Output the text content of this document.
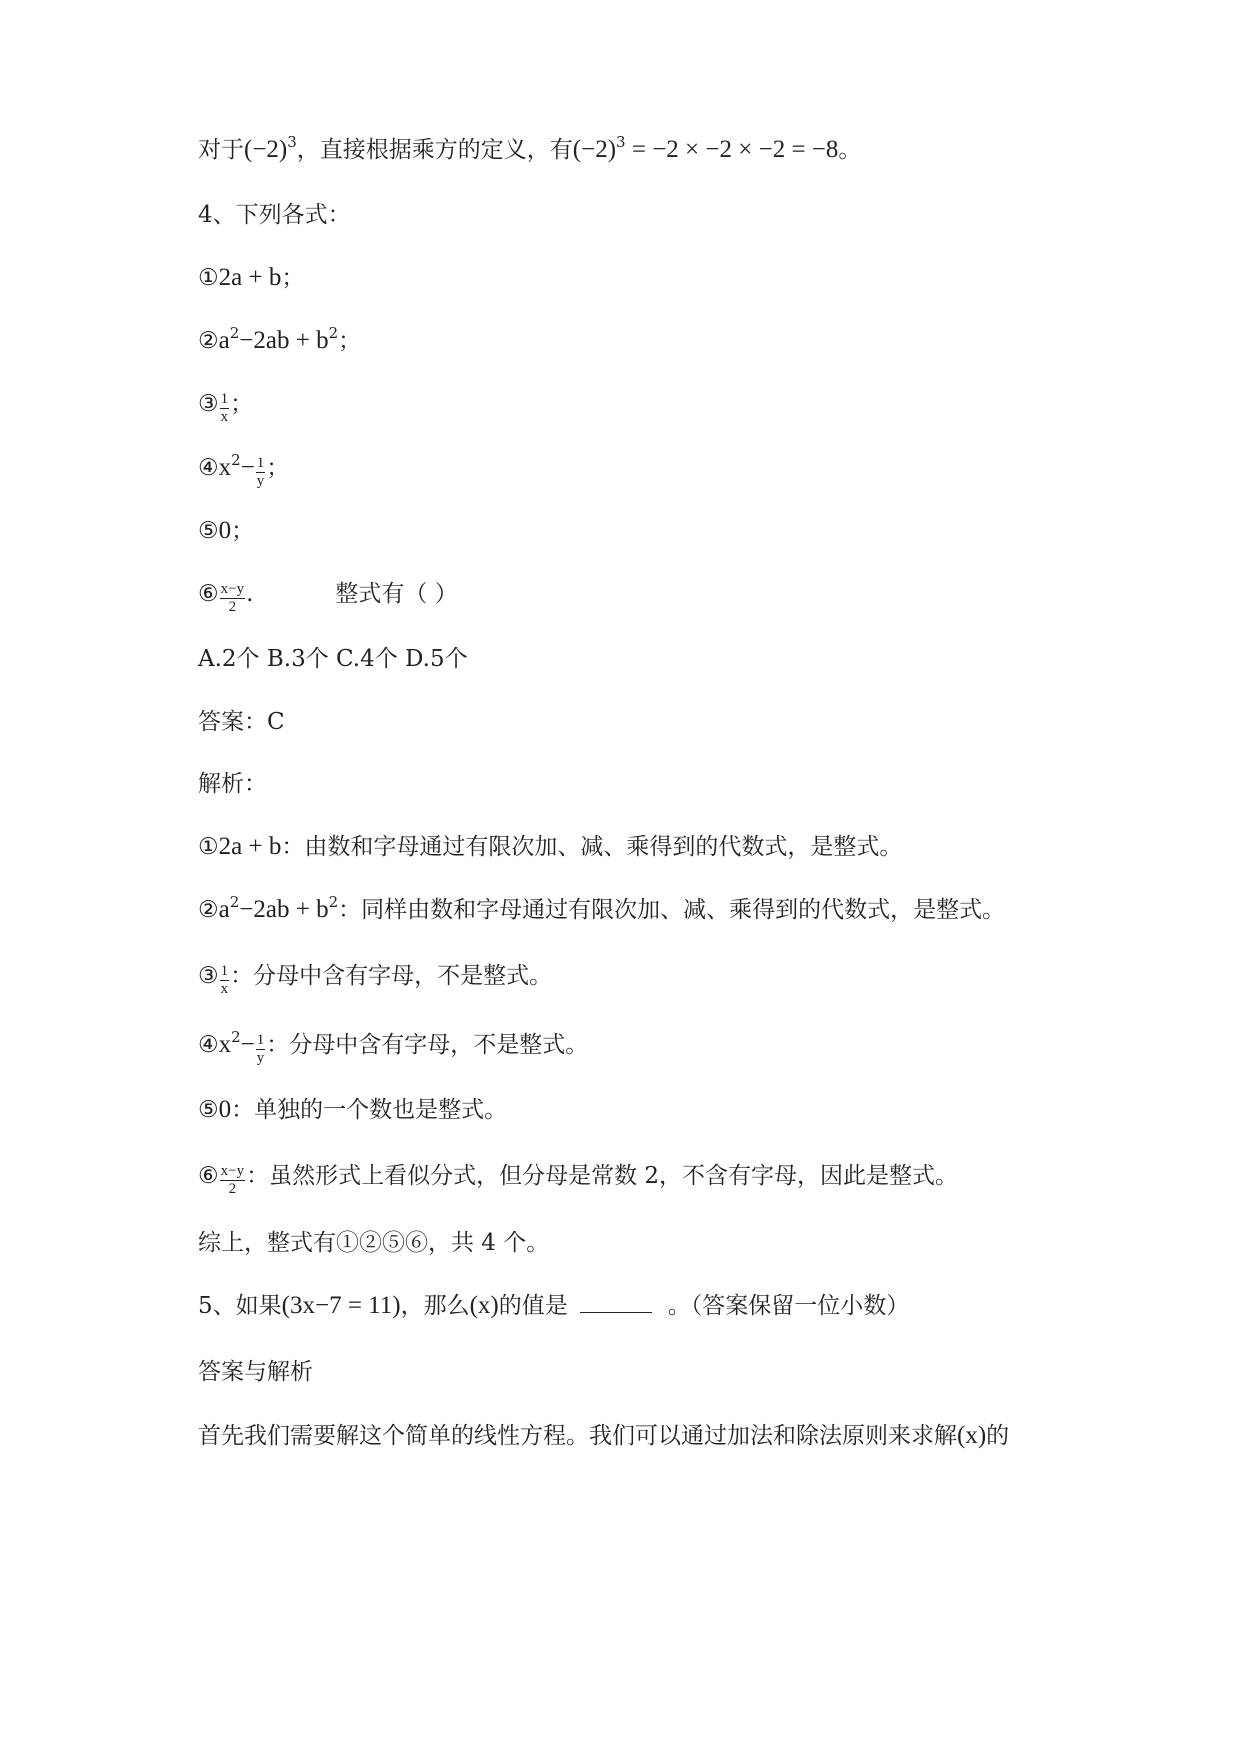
对于$(-2)^3$，直接根据乘方的定义，有$(-2)^3 = -2 \times -2 \times -2 = -8$。
4、下列各式：
①2a + b；
$②a^2-2ab + b^2$；
③ $\frac{1}{x}$ ；
$④x^2- \frac{1}{y}$ ；
⑤0；
⑥ $\frac{x-y}{2}$ .	整式有（ ）
A.2个 B.3个 C.4个 D.5个
答案：C
解析：
①2a + b：由数和字母通过有限次加、减、乘得到的代数式，是整式。
$②a^2-2ab + b^2$：同样由数和字母通过有限次加、减、乘得到的代数式，是整式。
③ $\frac{1}{x}$ ：分母中含有字母，不是整式。
$④x^2- \frac{1}{y}$ ：分母中含有字母，不是整式。
⑤0：单独的一个数也是整式。
⑥ $\frac{x-y}{2}$ ：虽然形式上看似分式，但分母是常数 2，不含有字母，因此是整式。
综上，整式有①②⑤⑥，共 4 个。
5、如果(3x−7 = 11)，那么(x)的值是	。（答案保留一位小数）
答案与解析
首先我们需要解这个简单的线性方程。我们可以通过加法和除法原则来求解(x)的
